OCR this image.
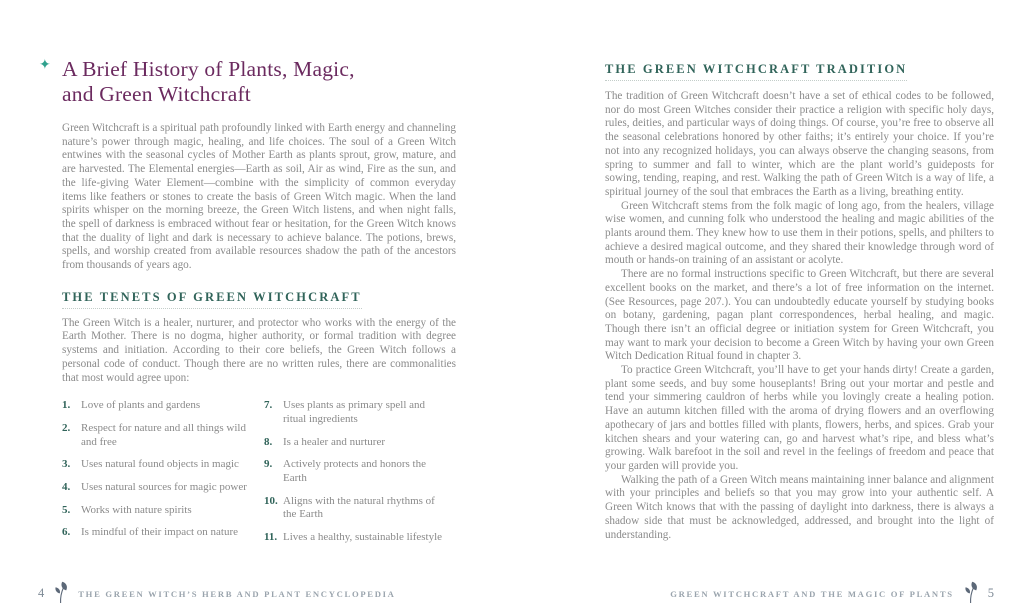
✦ A Brief History of Plants, Magic,
and Green Witchcraft

Green Witchcraft is a spiritual path profoundly linked with Earth energy and channeling nature’s power through magic, healing, and life choices. The soul of a Green Witch entwines with the seasonal cycles of Mother Earth as plants sprout, grow, mature, and are harvested. The Elemental energies—Earth as soil, Air as wind, Fire as the sun, and the life-giving Water Element—combine with the simplicity of common everyday items like feathers or stones to create the basis of Green Witch magic. When the land spirits whisper on the morning breeze, the Green Witch listens, and when night falls, the spell of darkness is embraced without fear or hesitation, for the Green Witch knows that the duality of light and dark is necessary to achieve balance. The potions, brews, spells, and worship created from available resources shadow the path of the ancestors from thousands of years ago.

THE TENETS OF GREEN WITCHCRAFT

The Green Witch is a healer, nurturer, and protector who works with the energy of the Earth Mother. There is no dogma, higher authority, or formal tradition with degree systems and initiation. According to their core beliefs, the Green Witch follows a personal code of conduct. Though there are no written rules, there are commonalities that most would agree upon:

1. Love of plants and gardens
2. Respect for nature and all things wild and free
3. Uses natural found objects in magic
4. Uses natural sources for magic power
5. Works with nature spirits
6. Is mindful of their impact on nature
7. Uses plants as primary spell and ritual ingredients
8. Is a healer and nurturer
9. Actively protects and honors the Earth
10. Aligns with the natural rhythms of the Earth
11. Lives a healthy, sustainable lifestyle
THE GREEN WITCHCRAFT TRADITION

The tradition of Green Witchcraft doesn’t have a set of ethical codes to be followed, nor do most Green Witches consider their practice a religion with specific holy days, rules, deities, and particular ways of doing things. Of course, you’re free to observe all the seasonal celebrations honored by other faiths; it’s entirely your choice. If you’re not into any recognized holidays, you can always observe the changing seasons, from spring to summer and fall to winter, which are the plant world’s guideposts for sowing, tending, reaping, and rest. Walking the path of Green Witch is a way of life, a spiritual journey of the soul that embraces the Earth as a living, breathing entity.

Green Witchcraft stems from the folk magic of long ago, from the healers, village wise women, and cunning folk who understood the healing and magic abilities of the plants around them. They knew how to use them in their potions, spells, and philters to achieve a desired magical outcome, and they shared their knowledge through word of mouth or hands-on training of an assistant or acolyte.

There are no formal instructions specific to Green Witchcraft, but there are several excellent books on the market, and there’s a lot of free information on the internet. (See Resources, page 207.). You can undoubtedly educate yourself by studying books on botany, gardening, pagan plant correspondences, herbal healing, and magic. Though there isn’t an official degree or initiation system for Green Witchcraft, you may want to mark your decision to become a Green Witch by having your own Green Witch Dedication Ritual found in chapter 3.

To practice Green Witchcraft, you’ll have to get your hands dirty! Create a garden, plant some seeds, and buy some houseplants! Bring out your mortar and pestle and tend your simmering cauldron of herbs while you lovingly create a healing potion. Have an autumn kitchen filled with the aroma of drying flowers and an overflowing apothecary of jars and bottles filled with plants, flowers, herbs, and spices. Grab your kitchen shears and your watering can, go and harvest what’s ripe, and bless what’s growing. Walk barefoot in the soil and revel in the feelings of freedom and peace that your garden will provide you.

Walking the path of a Green Witch means maintaining inner balance and alignment with your principles and beliefs so that you may grow into your authentic self. A Green Witch knows that with the passing of daylight into darkness, there is always a shadow side that must be acknowledged, addressed, and brought into the light of understanding.

4	THE GREEN WITCH’S HERB AND PLANT ENCYCLOPEDIA	GREEN WITCHCRAFT AND THE MAGIC OF PLANTS	5
